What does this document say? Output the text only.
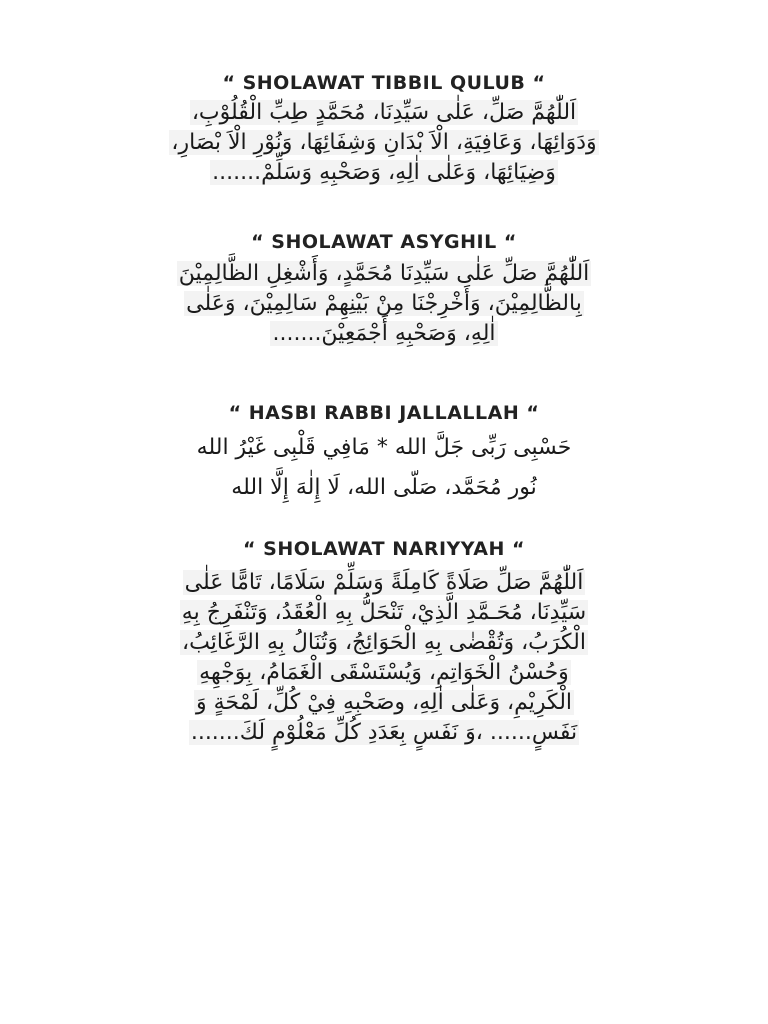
“ SHOLAWAT TIBBIL QULUB “

اَللّٰهُمَّ صَلِّ، عَلٰى سَيِّدِنَا، مُحَمَّدٍ طِبِّ الْقُلُوْبِ،
وَدَوَائِهَا، وَعَافِيَةِ، الْاَ بْدَانِ وَشِفَائِهَا، وَنُوْرِ الْاَ بْصَارِ،
وَضِيَائِهَا، وَعَلٰى اٰلِهِ، وَصَحْبِهِ وَسَلِّمْ.......

“ SHOLAWAT ASYGHIL “

اَللّٰهُمَّ صَلِّ عَلٰى سَيِّدِنَا مُحَمَّدٍ، وَأَشْغِلِ الظَّالِمِيْنَ
بِالظَّالِمِيْنَ، وَأَخْرِجْنَا مِنْ بَيْنِهِمْ سَالِمِيْنَ، وَعَلٰى
اٰلِهِ، وَصَحْبِهِ أَجْمَعِيْنَ.......

“ HASBI RABBI JALLALLAH “

حَسْبِى رَبِّى جَلَّ الله * مَافِي قَلْبِى غَيْرُ الله
نُور مُحَمَّد، صَلّى الله، لَا إِلٰهَ إِلَّا الله

“ SHOLAWAT NARIYYAH “

اَللّٰهُمَّ صَلِّ صَلَاةً كَامِلَةً وَسَلِّمْ سَلَامًا، تَامًّا عَلٰى
سَيِّدِنَا، مُحَـمَّدِ الَّذِيْ، تَنْحَلُّ بِهِ الْعُقَدُ، وَتَنْفَرِجُ بِهِ
الْكُرَبُ، وَتُقْضٰى بِهِ الْحَوَائِجُ، وَتُنَالُ بِهِ الرَّغَائِبُ،
وَحُسْنُ الْخَوَاتِمِ، وَيُسْتَسْقَى الْغَمَامُ، بِوَجْهِهِ
الْكَرِيْمِ، وَعَلٰى اٰلِهِ، وصَحْبِهِ فِيْ كُلِّ، لَمْحَةٍ وَ
نَفَسٍ...... ،وَ نَفَسٍ بِعَدَدِ كُلِّ مَعْلُوْمٍ لَكَ.......
